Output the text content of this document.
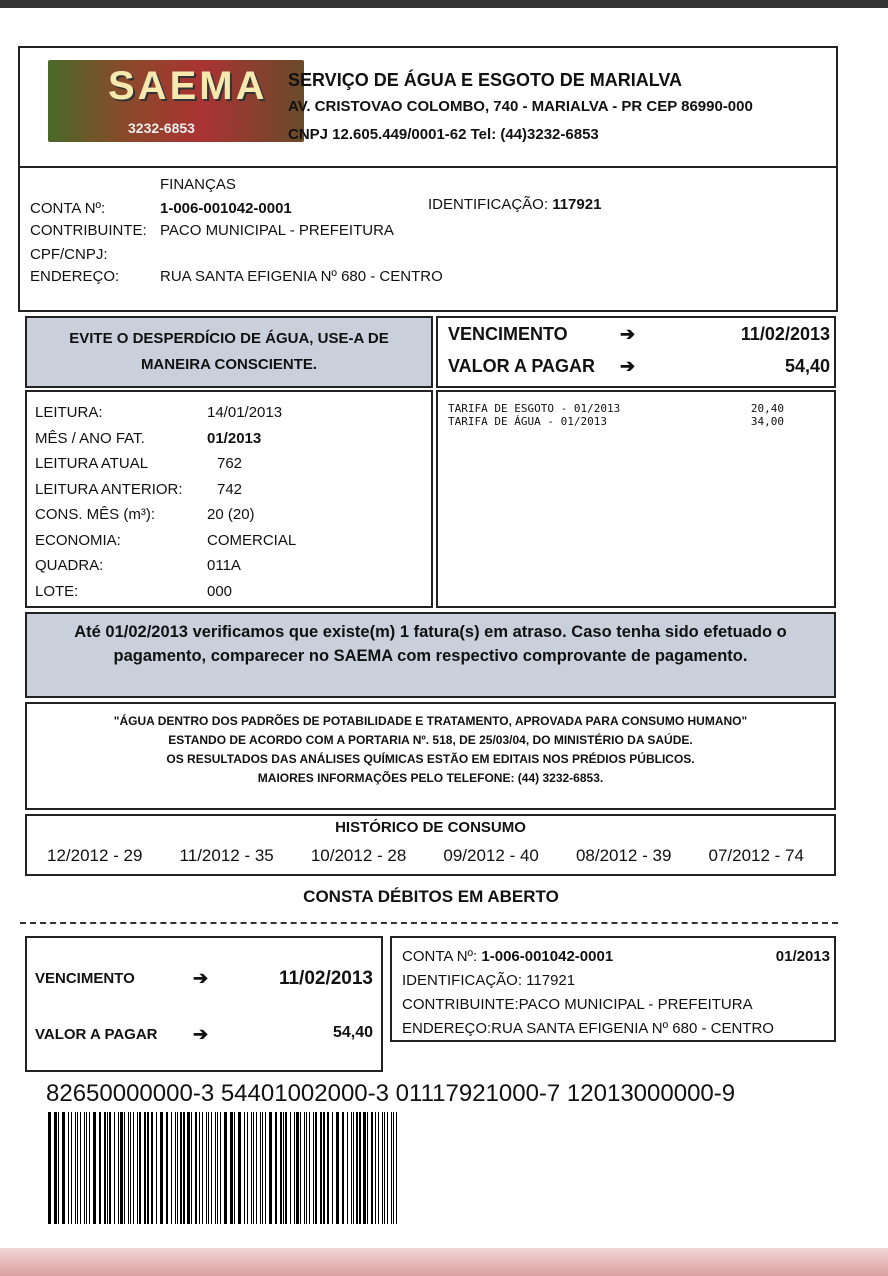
SAEMA
3232-6853
SERVIÇO DE ÁGUA E ESGOTO DE MARIALVA
AV. CRISTOVAO COLOMBO, 740 - MARIALVA - PR CEP 86990-000
CNPJ 12.605.449/0001-62 Tel: (44)3232-6853
FINANÇAS
CONTA Nº:	1-006-001042-0001	IDENTIFICAÇÃO: 117921
CONTRIBUINTE: PACO MUNICIPAL - PREFEITURA
CPF/CNPJ:
ENDEREÇO:	RUA SANTA EFIGENIA Nº 680 - CENTRO
EVITE O DESPERDÍCIO DE ÁGUA, USE-A DE MANEIRA CONSCIENTE.
VENCIMENTO	➔	11/02/2013
VALOR A PAGAR ➔	54,40
LEITURA:	14/01/2013
MÊS / ANO FAT.	01/2013
LEITURA ATUAL	762
LEITURA ANTERIOR: 742
CONS. MÊS (m³):	20 (20)
ECONOMIA:	COMERCIAL
QUADRA:	011A
LOTE:	000
TARIFA DE ESGOTO - 01/2013	20,40
TARIFA DE ÁGUA - 01/2013	34,00
Até 01/02/2013 verificamos que existe(m) 1 fatura(s) em atraso. Caso tenha sido efetuado o pagamento, comparecer no SAEMA com respectivo comprovante de pagamento.
"ÁGUA DENTRO DOS PADRÕES DE POTABILIDADE E TRATAMENTO, APROVADA PARA CONSUMO HUMANO"
ESTANDO DE ACORDO COM A PORTARIA Nº. 518, DE 25/03/04, DO MINISTÉRIO DA SAÚDE.
OS RESULTADOS DAS ANÁLISES QUÍMICAS ESTÃO EM EDITAIS NOS PRÉDIOS PÚBLICOS.
MAIORES INFORMAÇÕES PELO TELEFONE: (44) 3232-6853.
HISTÓRICO DE CONSUMO
12/2012 - 29 11/2012 - 35 10/2012 - 28 09/2012 - 40 08/2012 - 39 07/2012 - 74
CONSTA DÉBITOS EM ABERTO
VENCIMENTO	➔	11/02/2013
VALOR A PAGAR ➔	54,40
CONTA Nº: 1-006-001042-0001	01/2013
IDENTIFICAÇÃO: 117921
CONTRIBUINTE:PACO MUNICIPAL - PREFEITURA
ENDEREÇO:RUA SANTA EFIGENIA Nº 680 - CENTRO
82650000000-3 54401002000-3 01117921000-7 12013000000-9
